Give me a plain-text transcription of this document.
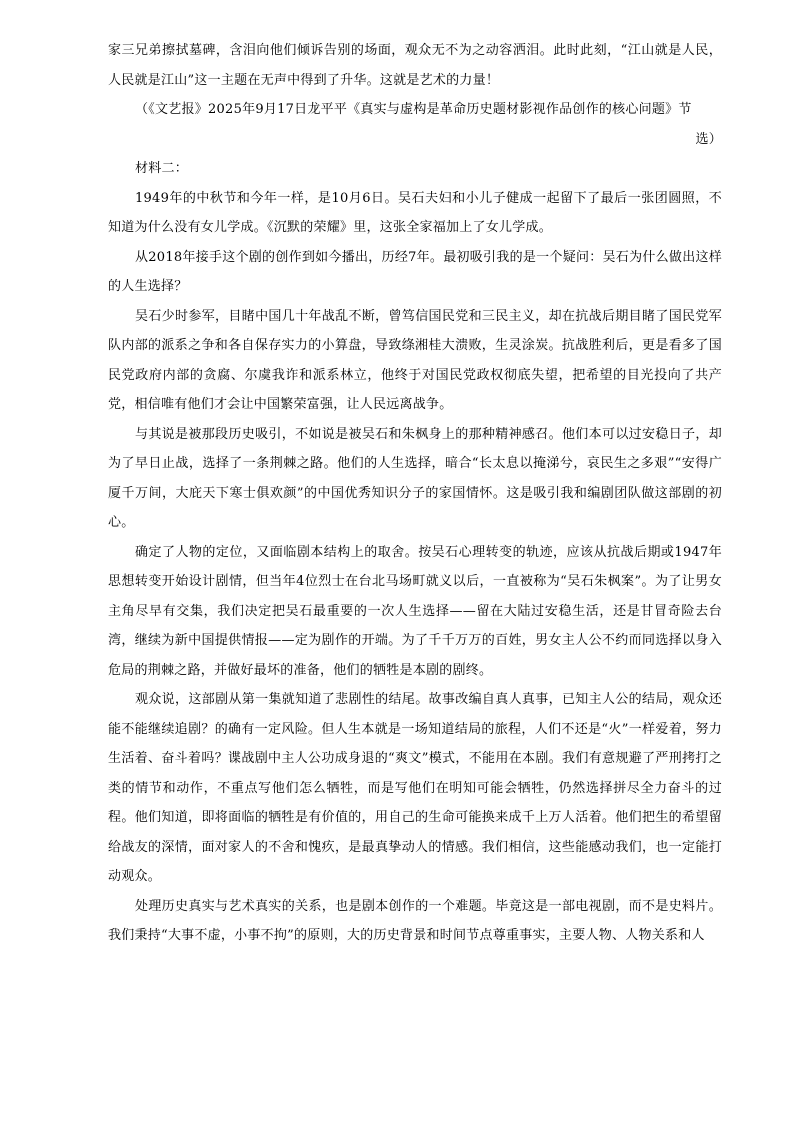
家三兄弟擦拭墓碑，含泪向他们倾诉告别的场面，观众无不为之动容洒泪。此时此刻，“江山就是人民，人民就是江山”这一主题在无声中得到了升华。这就是艺术的力量！

（《文艺报》2025年9月17日龙平平《真实与虚构是革命历史题材影视作品创作的核心问题》节
选）

材料二：

1949年的中秋节和今年一样，是10月6日。吴石夫妇和小儿子健成一起留下了最后一张团圆照，不知道为什么没有女儿学成。《沉默的荣耀》里，这张全家福加上了女儿学成。

从2018年接手这个剧的创作到如今播出，历经7年。最初吸引我的是一个疑问：吴石为什么做出这样的人生选择？

吴石少时参军，目睹中国几十年战乱不断，曾笃信国民党和三民主义，却在抗战后期目睹了国民党军队内部的派系之争和各自保存实力的小算盘，导致绦湘桂大溃败，生灵涂炭。抗战胜利后，更是看多了国民党政府内部的贪腐、尔虞我诈和派系林立，他终于对国民党政权彻底失望，把希望的目光投向了共产党，相信唯有他们才会让中国繁荣富强，让人民远离战争。

与其说是被那段历史吸引，不如说是被吴石和朱枫身上的那种精神感召。他们本可以过安稳日子，却为了早日止战，选择了一条荆棘之路。他们的人生选择，暗合“长太息以掩涕兮，哀民生之多艰”“安得广厦千万间，大庇天下寒士俱欢颜”的中国优秀知识分子的家国情怀。这是吸引我和编剧团队做这部剧的初心。

确定了人物的定位，又面临剧本结构上的取舍。按吴石心理转变的轨迹，应该从抗战后期或1947年思想转变开始设计剧情，但当年4位烈士在台北马场町就义以后，一直被称为“吴石朱枫案”。为了让男女主角尽早有交集，我们决定把吴石最重要的一次人生选择——留在大陆过安稳生活，还是甘冒奇险去台湾，继续为新中国提供情报——定为剧作的开端。为了千千万万的百姓，男女主人公不约而同选择以身入危局的荆棘之路，并做好最坏的准备，他们的牺牲是本剧的剧终。

观众说，这部剧从第一集就知道了悲剧性的结尾。故事改编自真人真事，已知主人公的结局，观众还能不能继续追剧？的确有一定风险。但人生本就是一场知道结局的旅程，人们不还是“火”一样爱着，努力生活着、奋斗着吗？谍战剧中主人公功成身退的“爽文”模式，不能用在本剧。我们有意规避了严刑拷打之类的情节和动作，不重点写他们怎么牺牲，而是写他们在明知可能会牺牲，仍然选择拼尽全力奋斗的过程。他们知道，即将面临的牺牲是有价值的，用自己的生命可能换来成千上万人活着。他们把生的希望留给战友的深情，面对家人的不舍和愧疚，是最真挚动人的情感。我们相信，这些能感动我们，也一定能打动观众。

处理历史真实与艺术真实的关系，也是剧本创作的一个难题。毕竟这是一部电视剧，而不是史料片。我们秉持“大事不虚，小事不拘”的原则，大的历史背景和时间节点尊重事实，主要人物、人物关系和人
